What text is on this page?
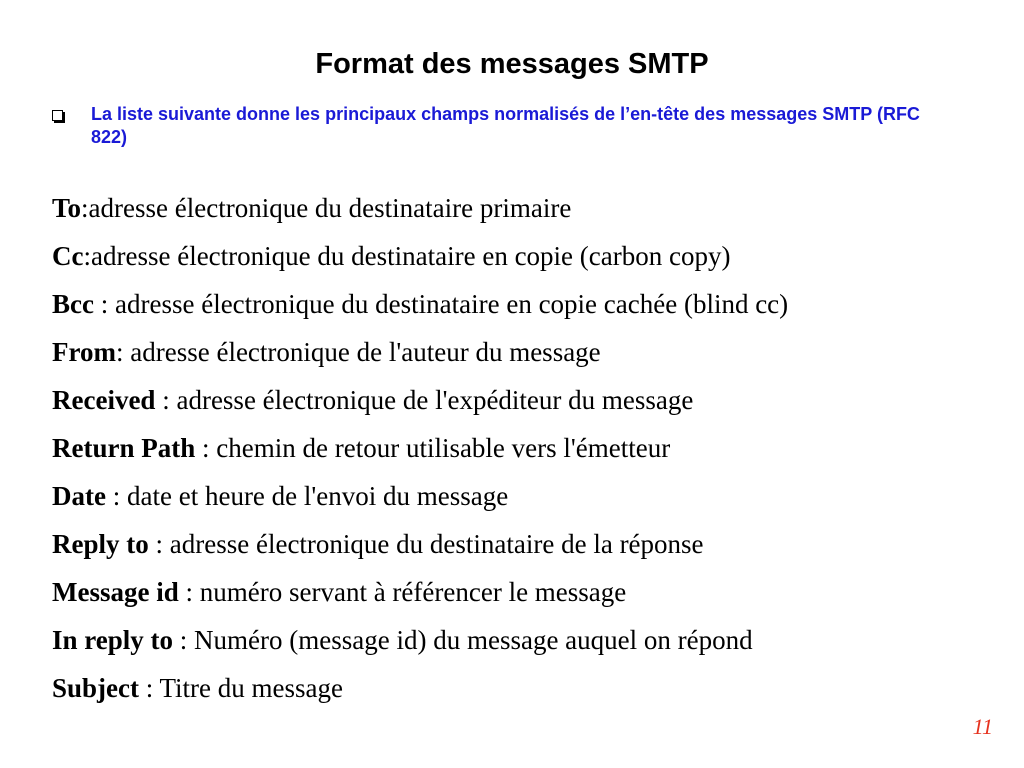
Format des messages SMTP
La liste suivante donne les principaux champs normalisés de l’en-tête des messages SMTP (RFC 822)
To:adresse électronique du destinataire primaire
Cc:adresse électronique du destinataire en copie (carbon copy)
Bcc : adresse électronique du destinataire en copie cachée (blind cc)
From: adresse électronique de l'auteur du message
Received : adresse électronique de l'expéditeur du message
Return Path : chemin de retour utilisable vers l'émetteur
Date : date et heure de l'envoi du message
Reply to : adresse électronique du destinataire de la réponse
Message id : numéro servant à référencer le message
In reply to : Numéro (message id) du message auquel on répond
Subject : Titre du message
11
